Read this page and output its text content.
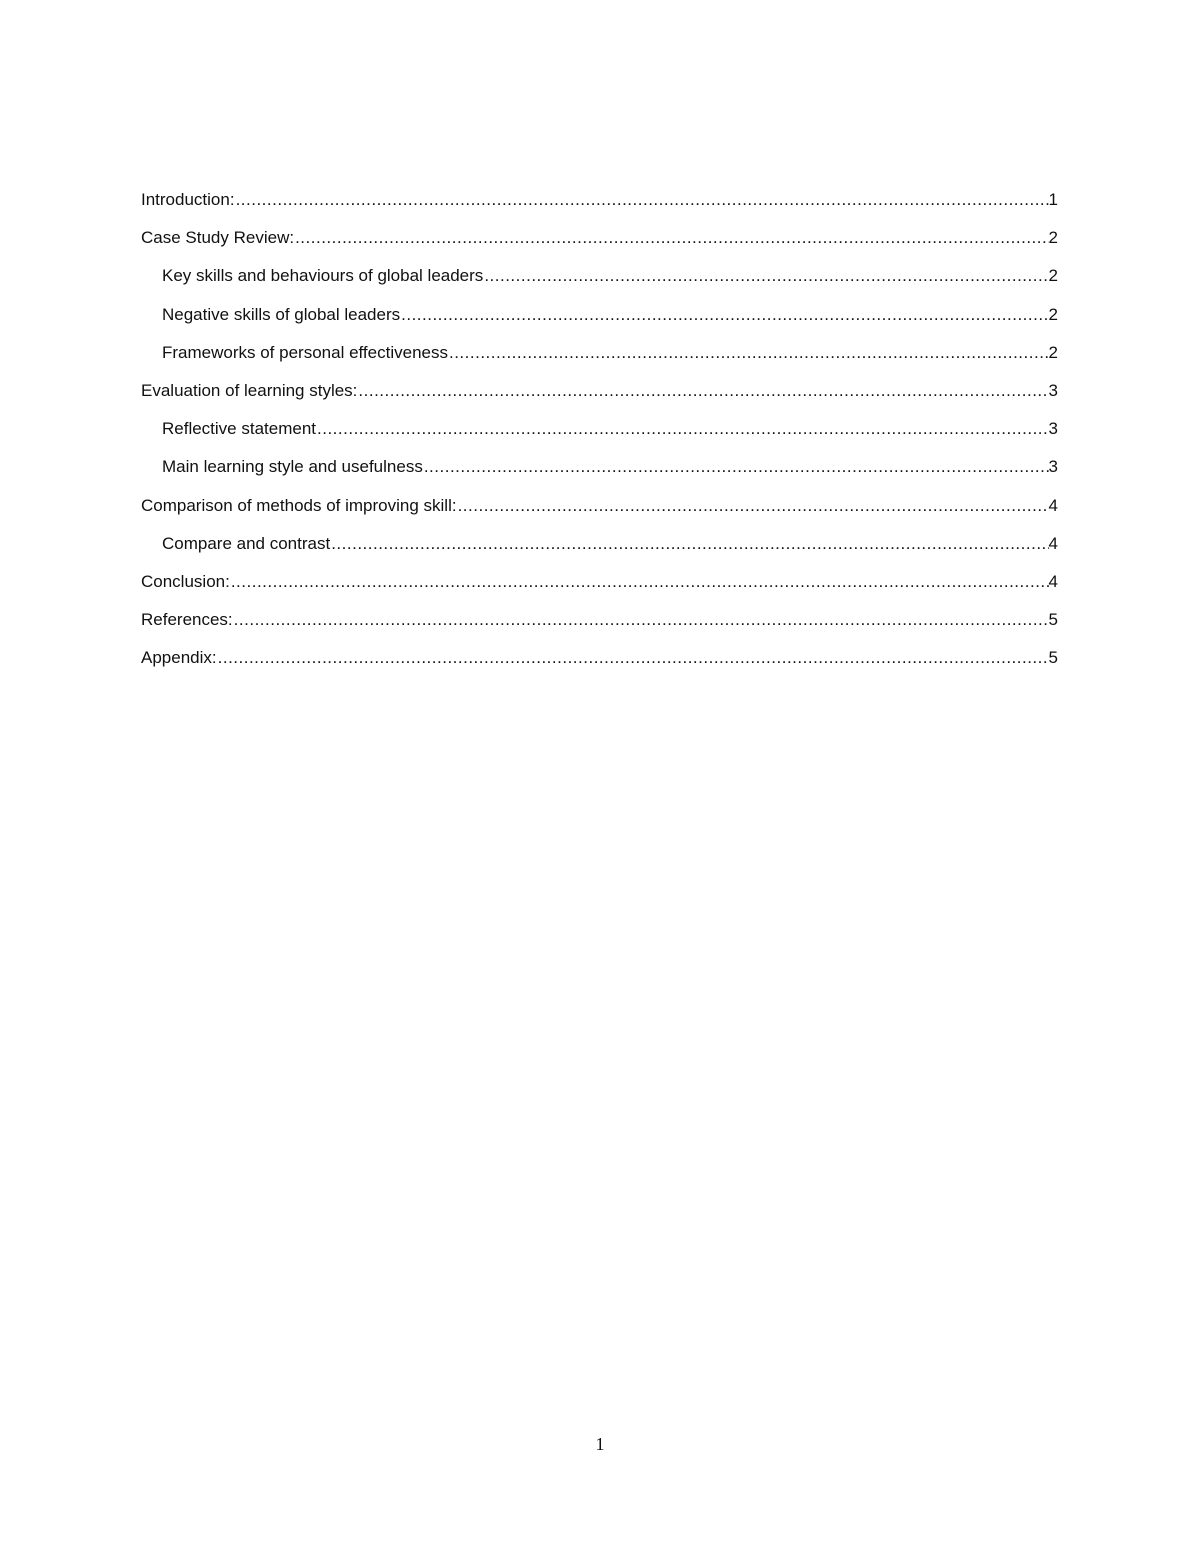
Introduction: .....	1
Case Study Review: .....	2
Key skills and behaviours of global leaders .....	2
Negative skills of global leaders .....	2
Frameworks of personal effectiveness .....	2
Evaluation of learning styles: .....	3
Reflective statement .....	3
Main learning style and usefulness .....	3
Comparison of methods of improving skill: .....	4
Compare and contrast .....	4
Conclusion: .....	4
References: .....	5
Appendix: .....	5
1
